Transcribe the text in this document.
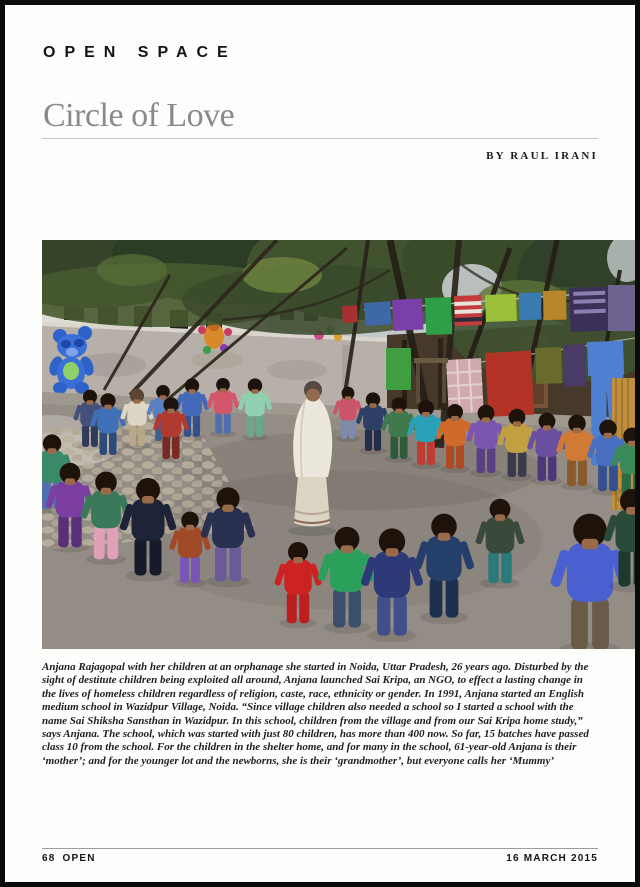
OPEN SPACE
Circle of Love
BY RAUL IRANI

Anjana Rajagopal with her children at an orphanage she started in Noida, Uttar Pradesh, 26 years ago. Disturbed by the sight of destitute children being exploited all around, Anjana launched Sai Kripa, an NGO, to effect a lasting change in the lives of homeless children regardless of religion, caste, race, ethnicity or gender. In 1991, Anjana started an English medium school in Wazidpur Village, Noida. “Since village children also needed a school so I started a school with the name Sai Shiksha Sansthan in Wazidpur. In this school, children from the village and from our Sai Kripa home study,” says Anjana. The school, which was started with just 80 children, has more than 400 now. So far, 15 batches have passed class 10 from the school. For the children in the shelter home, and for many in the school, 61-year-old Anjana is their ‘mother’; and for the younger lot and the newborns, she is their ‘grandmother’, but everyone calls her ‘Mummy’

68 OPEN	16 MARCH 2015
